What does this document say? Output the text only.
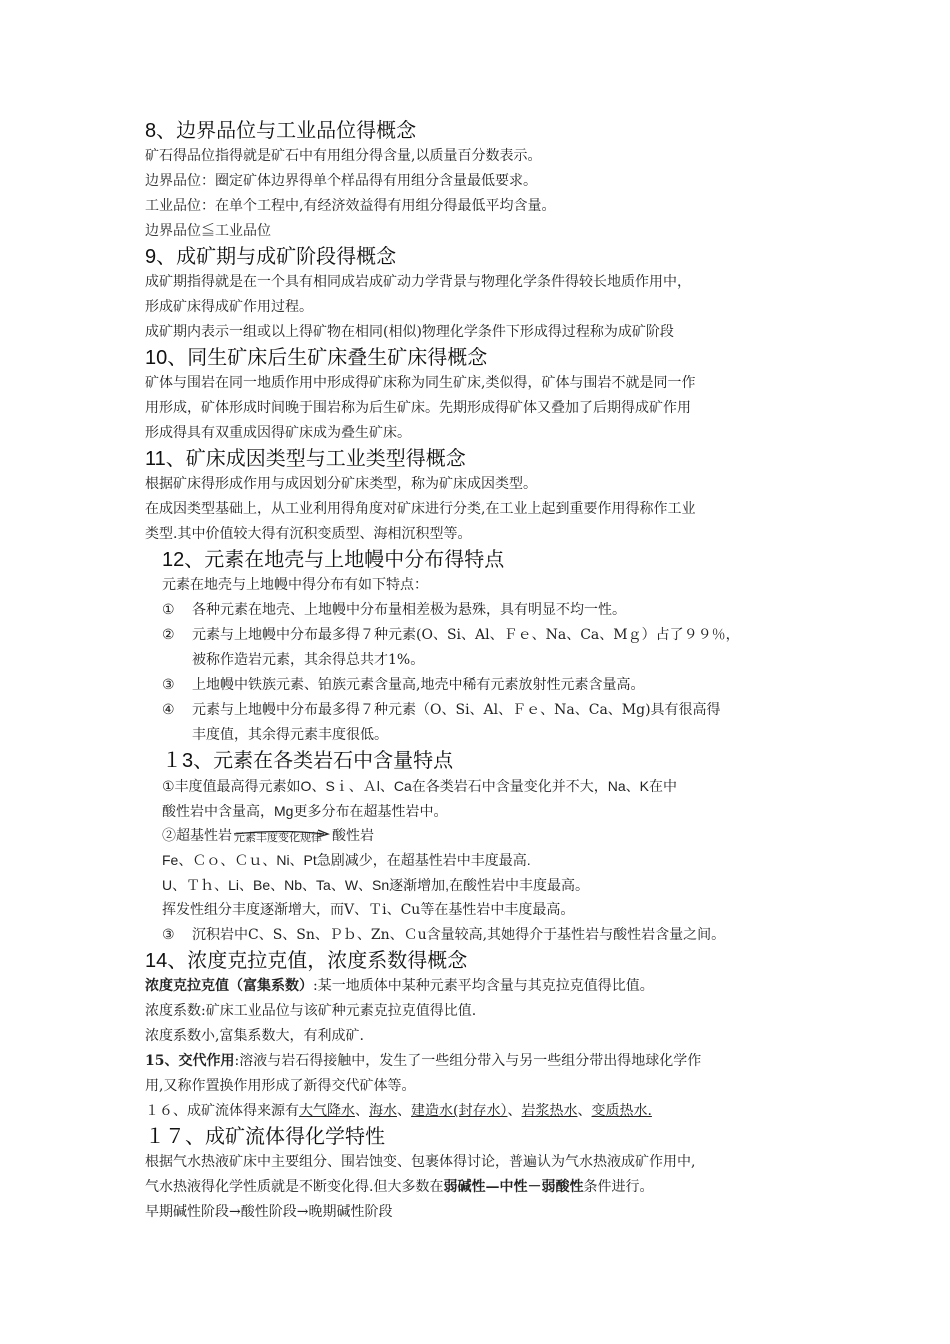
8、边界品位与工业品位得概念
矿石得品位指得就是矿石中有用组分得含量,以质量百分数表示。
边界品位：圈定矿体边界得单个样品得有用组分含量最低要求。
工业品位：在单个工程中,有经济效益得有用组分得最低平均含量。
边界品位≦工业品位
9、成矿期与成矿阶段得概念
成矿期指得就是在一个具有相同成岩成矿动力学背景与物理化学条件得较长地质作用中，
形成矿床得成矿作用过程。
成矿期内表示一组或以上得矿物在相同(相似)物理化学条件下形成得过程称为成矿阶段
10、同生矿床后生矿床叠生矿床得概念
矿体与围岩在同一地质作用中形成得矿床称为同生矿床,类似得，矿体与围岩不就是同一作
用形成，矿体形成时间晚于围岩称为后生矿床。先期形成得矿体又叠加了后期得成矿作用
形成得具有双重成因得矿床成为叠生矿床。
11、矿床成因类型与工业类型得概念
根据矿床得形成作用与成因划分矿床类型，称为矿床成因类型。
在成因类型基础上，从工业利用得角度对矿床进行分类,在工业上起到重要作用得称作工业
类型.其中价值较大得有沉积变质型、海相沉积型等。
12、元素在地壳与上地幔中分布得特点
元素在地壳与上地幔中得分布有如下特点：
①	各种元素在地壳、上地幔中分布量相差极为悬殊，具有明显不均一性。
②	元素与上地幔中分布最多得７种元素(O、Si、Al、Ｆｅ、Na、Ca、Mｇ）占了９９％，
被称作造岩元素，其余得总共才1%。
③	上地幔中铁族元素、铂族元素含量高,地壳中稀有元素放射性元素含量高。
④	元素与上地幔中分布最多得７种元素（O、Si、Al、Ｆｅ、Na、Ca、Mg)具有很高得
丰度值，其余得元素丰度很低。
１3、元素在各类岩石中含量特点
①丰度值最高得元素如O、Sｉ、Ａl、Ca在各类岩石中含量变化并不大，Na、K在中
酸性岩中含量高，Mg更多分布在超基性岩中。
②超基性岩 元素丰度变化规律 酸性岩
Fe、Ｃｏ、Ｃｕ、Ni、Pt急剧减少，在超基性岩中丰度最高.
U、Ｔｈ、Li、Be、Nb、Ta、W、Sn逐渐增加,在酸性岩中丰度最高。
挥发性组分丰度逐渐增大，而V、Ｔi、Cu等在基性岩中丰度最高。
③	沉积岩中C、S、Sn、Ｐｂ、Zn、Ｃu含量较高,其她得介于基性岩与酸性岩含量之间。
14、浓度克拉克值，浓度系数得概念
浓度克拉克值（富集系数）:某一地质体中某种元素平均含量与其克拉克值得比值。
浓度系数:矿床工业品位与该矿种元素克拉克值得比值.
浓度系数小,富集系数大，有利成矿.
15、交代作用:溶液与岩石得接触中，发生了一些组分带入与另一些组分带出得地球化学作
用,又称作置换作用形成了新得交代矿体等。
１６、成矿流体得来源有大气降水、海水、建造水(封存水）、岩浆热水、变质热水.
１７、成矿流体得化学特性
根据气水热液矿床中主要组分、围岩蚀变、包裹体得讨论，普遍认为气水热液成矿作用中,
气水热液得化学性质就是不断变化得.但大多数在弱碱性—中性－弱酸性条件进行。
早期碱性阶段→酸性阶段→晚期碱性阶段
